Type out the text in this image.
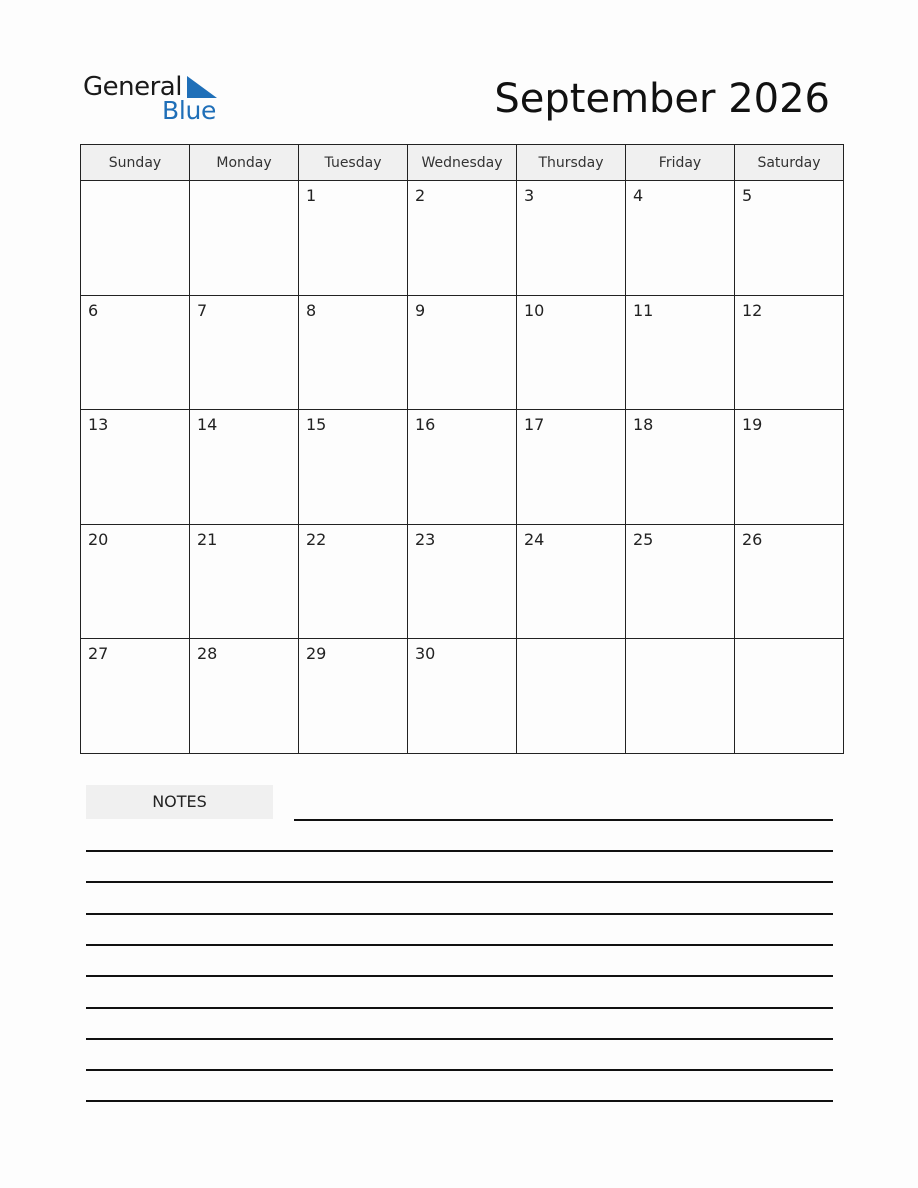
General
Blue	September 2026
Sunday	Monday	Tuesday	Wednesday	Thursday	Friday	Saturday

		1	2	3	4	5

6	7	8	9	10	11	12

13	14	15	16	17	18	19

20	21	22	23	24	25	26

27	28	29	30			

NOTES
